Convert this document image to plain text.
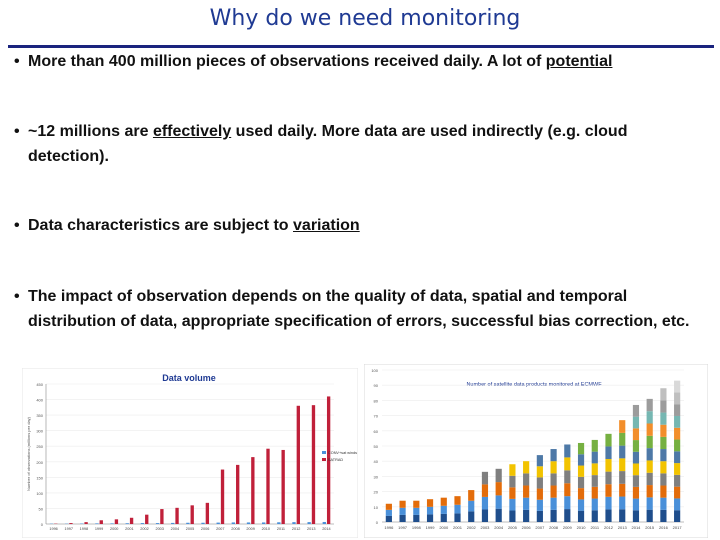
Why do we need monitoring
• More than 400 million pieces of observations received daily. A lot of potential
• ~12 millions are effectively used daily. More data are used indirectly (e.g. cloud detection).
• Data characteristics are subject to variation
• The impact of observation depends on the quality of data, spatial and temporal distribution of data, appropriate specification of errors, successful bias correction, etc.
Data volume
0
50
100
150
200
250
300
350
400
450
Number of observations (millions per day)
1996 1997 1998 1999 2000 2001 2002 2003 2004 2005 2006 2007 2008 2009 2010 2011 2012 2013 2014
CONV+sat winds
SATRAD
Number of satellite data products monitored at ECMWF
0
10
20
30
40
50
60
70
80
90
100
1996 1997 1998 1999 2000 2001 2002 2003 2004 2005 2006 2007 2008 2009 2010 2011 2012 2013 2014 2015 2016 2017
